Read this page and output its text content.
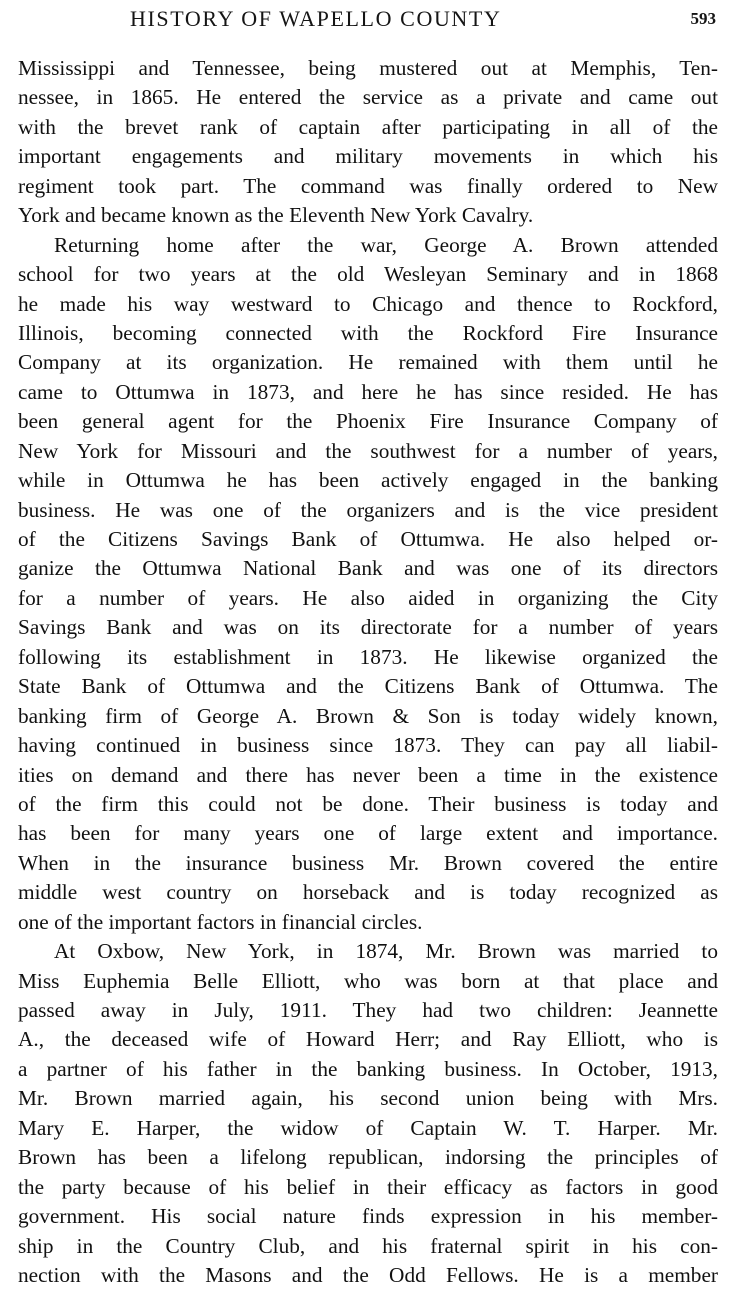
HISTORY OF WAPELLO COUNTY	593
Mississippi and Tennessee, being mustered out at Memphis, Ten-
nessee, in 1865. He entered the service as a private and came out
with the brevet rank of captain after participating in all of the
important engagements and military movements in which his
regiment took part. The command was finally ordered to New
York and became known as the Eleventh New York Cavalry.
Returning home after the war, George A. Brown attended
school for two years at the old Wesleyan Seminary and in 1868
he made his way westward to Chicago and thence to Rockford,
Illinois, becoming connected with the Rockford Fire Insurance
Company at its organization. He remained with them until he
came to Ottumwa in 1873, and here he has since resided. He has
been general agent for the Phoenix Fire Insurance Company of
New York for Missouri and the southwest for a number of years,
while in Ottumwa he has been actively engaged in the banking
business. He was one of the organizers and is the vice president
of the Citizens Savings Bank of Ottumwa. He also helped or-
ganize the Ottumwa National Bank and was one of its directors
for a number of years. He also aided in organizing the City
Savings Bank and was on its directorate for a number of years
following its establishment in 1873. He likewise organized the
State Bank of Ottumwa and the Citizens Bank of Ottumwa. The
banking firm of George A. Brown & Son is today widely known,
having continued in business since 1873. They can pay all liabil-
ities on demand and there has never been a time in the existence
of the firm this could not be done. Their business is today and
has been for many years one of large extent and importance.
When in the insurance business Mr. Brown covered the entire
middle west country on horseback and is today recognized as
one of the important factors in financial circles.
At Oxbow, New York, in 1874, Mr. Brown was married to
Miss Euphemia Belle Elliott, who was born at that place and
passed away in July, 1911. They had two children: Jeannette
A., the deceased wife of Howard Herr; and Ray Elliott, who is
a partner of his father in the banking business. In October, 1913,
Mr. Brown married again, his second union being with Mrs.
Mary E. Harper, the widow of Captain W. T. Harper. Mr.
Brown has been a lifelong republican, indorsing the principles of
the party because of his belief in their efficacy as factors in good
government. His social nature finds expression in his member-
ship in the Country Club, and his fraternal spirit in his con-
nection with the Masons and the Odd Fellows. He is a member
